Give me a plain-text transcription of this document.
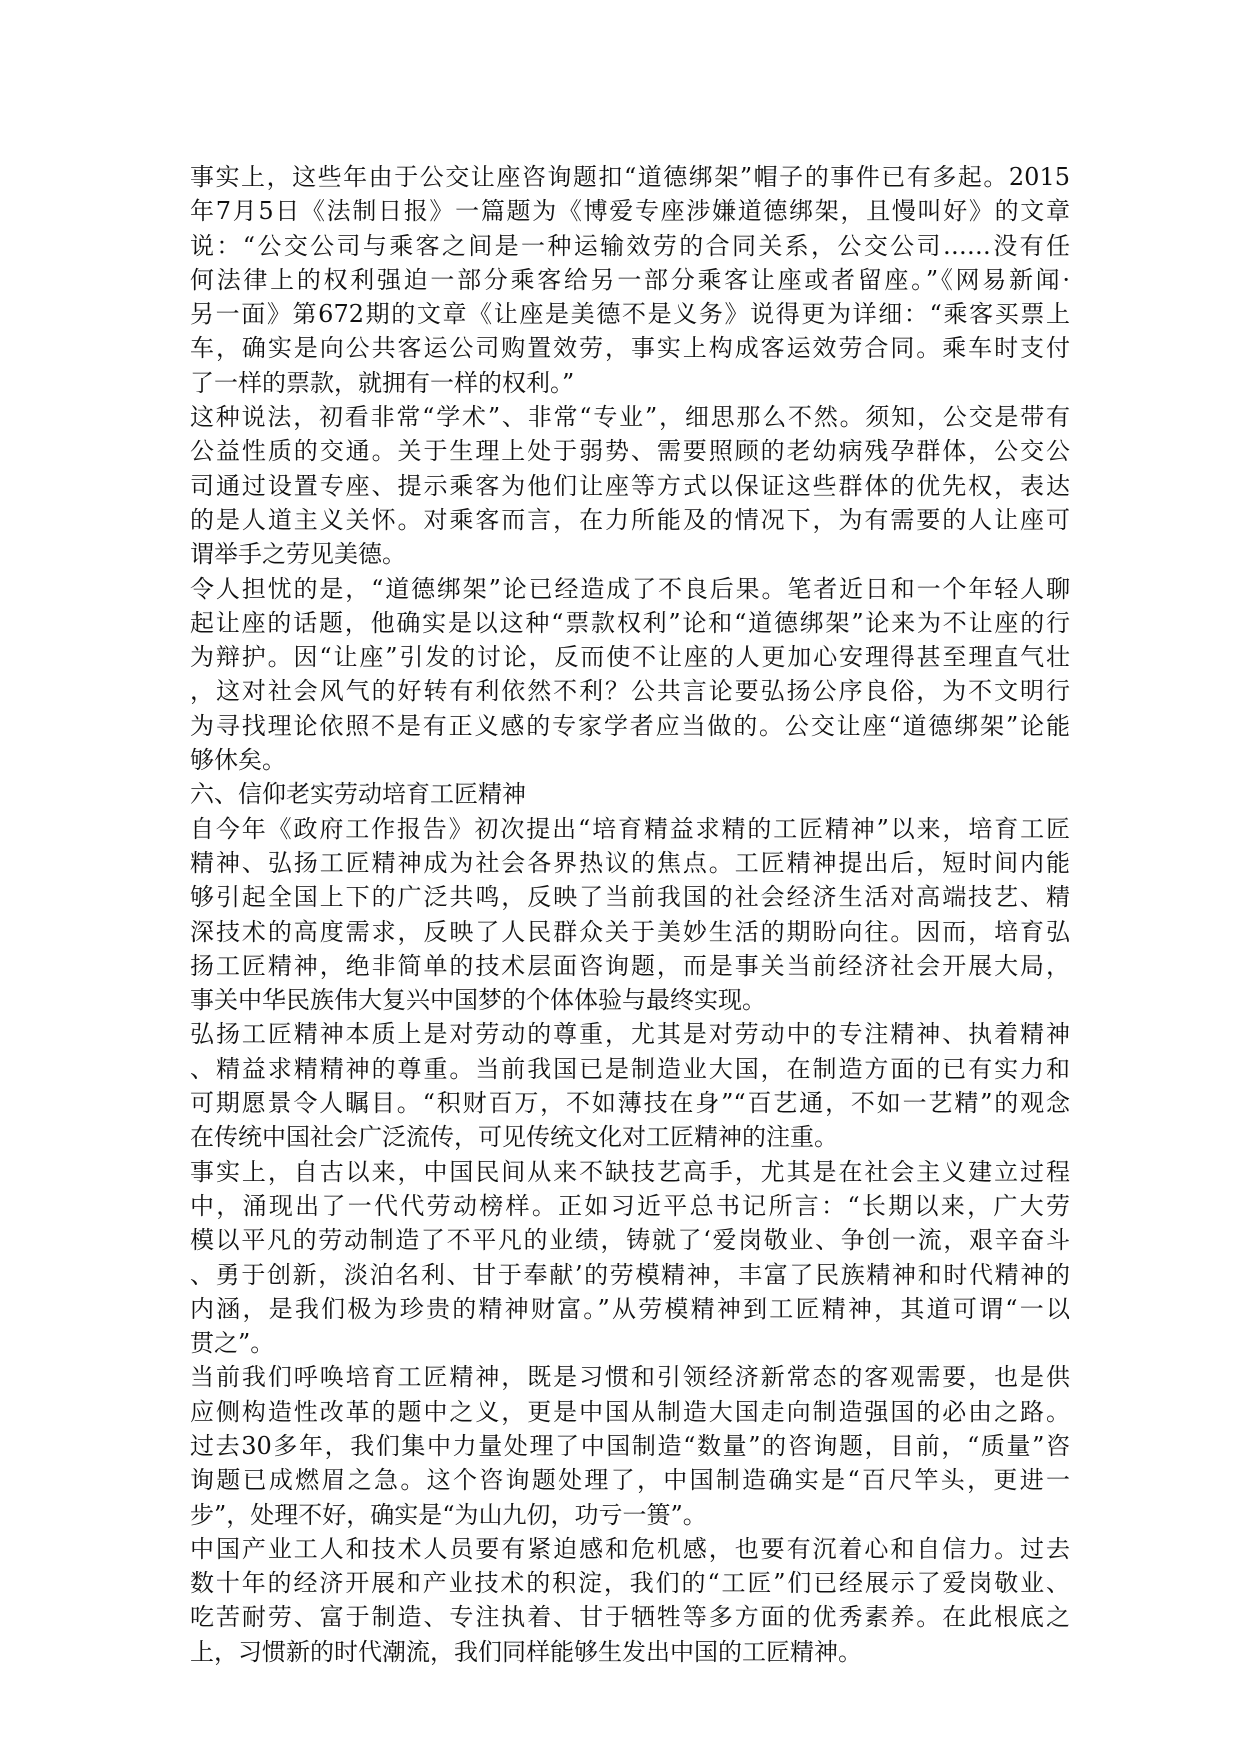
事实上，这些年由于公交让座咨询题扣“道德绑架”帽子的事件已有多起。2015
年7月5日《法制日报》一篇题为《博爱专座涉嫌道德绑架，且慢叫好》的文章
说：“公交公司与乘客之间是一种运输效劳的合同关系，公交公司……没有任
何法律上的权利强迫一部分乘客给另一部分乘客让座或者留座。”《网易新闻·
另一面》第672期的文章《让座是美德不是义务》说得更为详细：“乘客买票上
车，确实是向公共客运公司购置效劳，事实上构成客运效劳合同。乘车时支付
了一样的票款，就拥有一样的权利。”
这种说法，初看非常“学术”、非常“专业”，细思那么不然。须知，公交是带有
公益性质的交通。关于生理上处于弱势、需要照顾的老幼病残孕群体，公交公
司通过设置专座、提示乘客为他们让座等方式以保证这些群体的优先权，表达
的是人道主义关怀。对乘客而言，在力所能及的情况下，为有需要的人让座可
谓举手之劳见美德。
令人担忧的是，“道德绑架”论已经造成了不良后果。笔者近日和一个年轻人聊
起让座的话题，他确实是以这种“票款权利”论和“道德绑架”论来为不让座的行
为辩护。因“让座”引发的讨论，反而使不让座的人更加心安理得甚至理直气壮
，这对社会风气的好转有利依然不利？公共言论要弘扬公序良俗，为不文明行
为寻找理论依照不是有正义感的专家学者应当做的。公交让座“道德绑架”论能
够休矣。
六、信仰老实劳动培育工匠精神
自今年《政府工作报告》初次提出“培育精益求精的工匠精神”以来，培育工匠
精神、弘扬工匠精神成为社会各界热议的焦点。工匠精神提出后，短时间内能
够引起全国上下的广泛共鸣，反映了当前我国的社会经济生活对高端技艺、精
深技术的高度需求，反映了人民群众关于美妙生活的期盼向往。因而，培育弘
扬工匠精神，绝非简单的技术层面咨询题，而是事关当前经济社会开展大局，
事关中华民族伟大复兴中国梦的个体体验与最终实现。
弘扬工匠精神本质上是对劳动的尊重，尤其是对劳动中的专注精神、执着精神
、精益求精精神的尊重。当前我国已是制造业大国，在制造方面的已有实力和
可期愿景令人瞩目。“积财百万，不如薄技在身”“百艺通，不如一艺精”的观念
在传统中国社会广泛流传，可见传统文化对工匠精神的注重。
事实上，自古以来，中国民间从来不缺技艺高手，尤其是在社会主义建立过程
中，涌现出了一代代劳动榜样。正如习近平总书记所言：“长期以来，广大劳
模以平凡的劳动制造了不平凡的业绩，铸就了‘爱岗敬业、争创一流，艰辛奋斗
、勇于创新，淡泊名利、甘于奉献’的劳模精神，丰富了民族精神和时代精神的
内涵，是我们极为珍贵的精神财富。”从劳模精神到工匠精神，其道可谓“一以
贯之”。
当前我们呼唤培育工匠精神，既是习惯和引领经济新常态的客观需要，也是供
应侧构造性改革的题中之义，更是中国从制造大国走向制造强国的必由之路。
过去30多年，我们集中力量处理了中国制造“数量”的咨询题，目前，“质量”咨
询题已成燃眉之急。这个咨询题处理了，中国制造确实是“百尺竿头，更进一
步”，处理不好，确实是“为山九仞，功亏一篑”。
中国产业工人和技术人员要有紧迫感和危机感，也要有沉着心和自信力。过去
数十年的经济开展和产业技术的积淀，我们的“工匠”们已经展示了爱岗敬业、
吃苦耐劳、富于制造、专注执着、甘于牺牲等多方面的优秀素养。在此根底之
上，习惯新的时代潮流，我们同样能够生发出中国的工匠精神。
